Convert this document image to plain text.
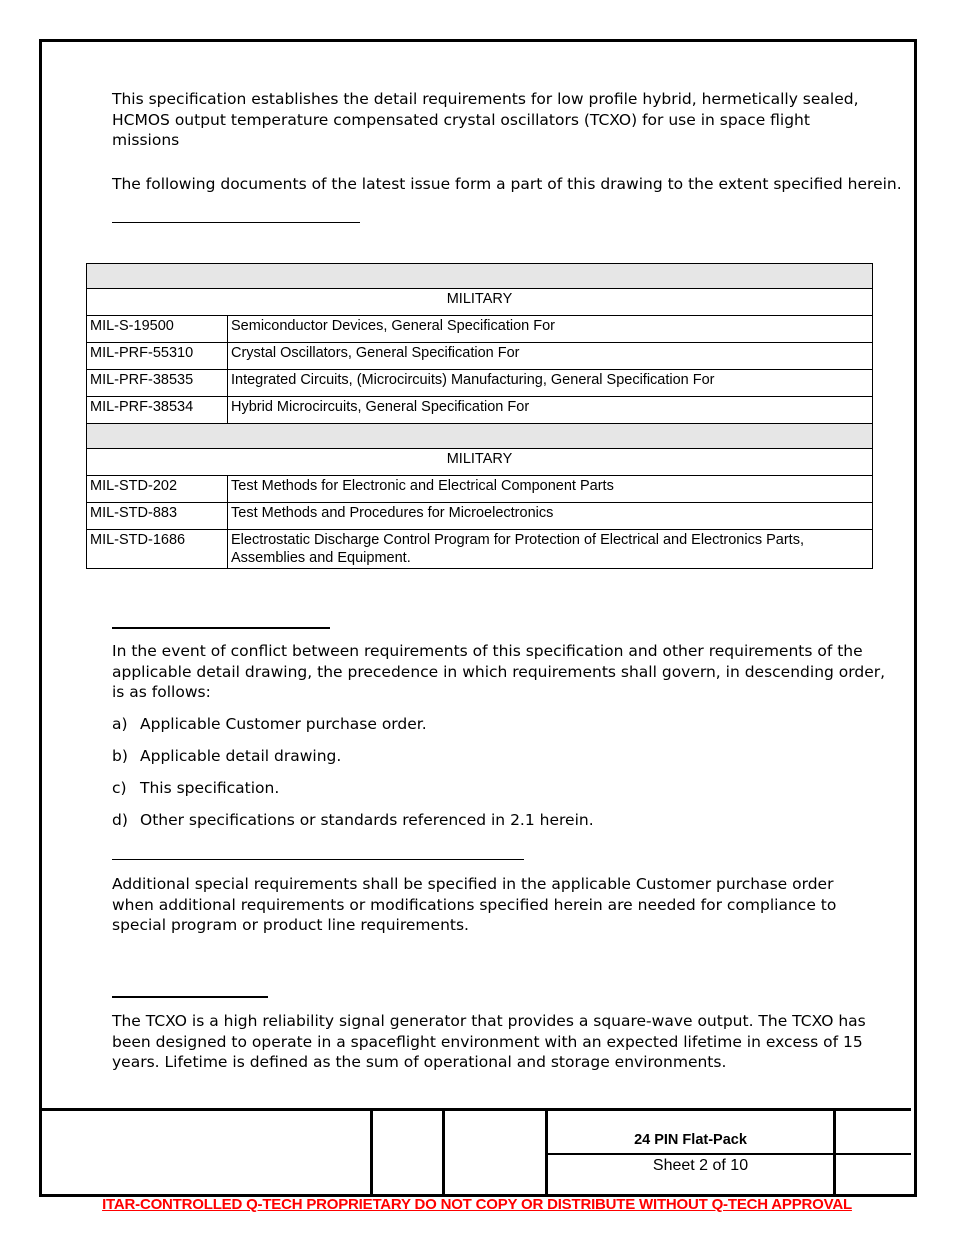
This specification establishes the detail requirements for low profile hybrid, hermetically sealed, HCMOS output temperature compensated crystal oscillators (TCXO) for use in space flight missions

The following documents of the latest issue form a part of this drawing to the extent specified herein.

MILITARY	
MIL-S-19500	Semiconductor Devices, General Specification For
MIL-PRF-55310	Crystal Oscillators, General Specification For
MIL-PRF-38535	Integrated Circuits, (Microcircuits) Manufacturing, General Specification For
MIL-PRF-38534	Hybrid Microcircuits, General Specification For

MILITARY	
MIL-STD-202	Test Methods for Electronic and Electrical Component Parts
MIL-STD-883	Test Methods and Procedures for Microelectronics
MIL-STD-1686	Electrostatic Discharge Control Program for Protection of Electrical and Electronics Parts, Assemblies and Equipment.

In the event of conflict between requirements of this specification and other requirements of the applicable detail drawing, the precedence in which requirements shall govern, in descending order, is as follows:

a) Applicable Customer purchase order.
b) Applicable detail drawing.
c) This specification.
d) Other specifications or standards referenced in 2.1 herein.

Additional special requirements shall be specified in the applicable Customer purchase order when additional requirements or modifications specified herein are needed for compliance to special program or product line requirements.

The TCXO is a high reliability signal generator that provides a square-wave output. The TCXO has been designed to operate in a spaceflight environment with an expected lifetime in excess of 15 years. Lifetime is defined as the sum of operational and storage environments.

24 PIN Flat-Pack
Sheet 2 of 10
ITAR-CONTROLLED Q-TECH PROPRIETARY DO NOT COPY OR DISTRIBUTE WITHOUT Q-TECH APPROVAL
